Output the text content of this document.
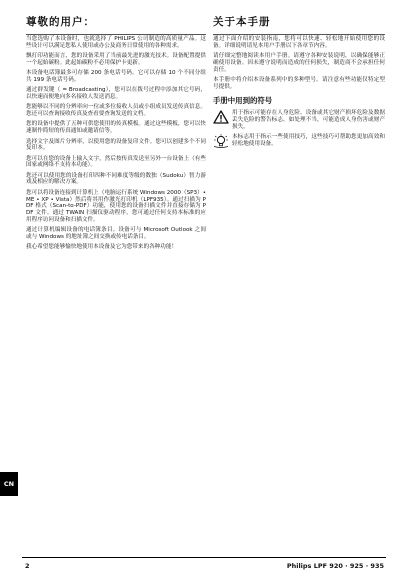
尊敬的用户：

当您选购了本设备时，也就选择了 PHILIPS 公司制造的高质量产品。这些设计可以满足您私人使用或办公及商务日常使用的各种需求。

飘打印功能而言，您的设备采用了当前最先进的激光技术。设备配置提供一个起始碳粉。此起始碳粉不必用保护卡更新。

本设备电话簿最多可存储 200 条电话号码。它可以存储 10 个不同分组共 199 条电话号码。

通过群发键（ = Broadcasting），您可以在拨号过程中添加其它号码，以快速而便地向多名接收人发送消息。

您能够以不同的分辨率向一位或多位接收人员或小组成员发送传真信息。您还可以查询接收传真及查看要查询发送的文档。

您的设备中提供了五种可供您使用的传真模板。通过这些模板，您可以快速制作简短的传真通知或邀请信等。

选择文字及图片分辨率，以使用您的设备复印文件。您可以创建多个不同复印本。

您可以在您的设备上输入文字，然后按传真发送至另外一台设备上（有些国家或网络不支持本功能）。

您还可以使用您的设备打印四种不同难度等级的数独（Sudoku）智力游戏及相应的解决方案。

您可以将设备连接到计算机上（电脑运行系统 Windows 2000（SP3）• ME • XP • Vista）然后将其用作激光打印机（LPF935）。通过扫描为 PDF 格式（Scan-to-PDF）功能，使用您的设备扫描文件并直接存储为 PDF 文件。通过 TWAIN 扫描仪驱动程序，您可通过任何支持本标准的应用程序访问设备和扫描文件。

通过计算机编辑设备的电话簿条目。设备可与 Microsoft Outlook 之间或与 Windows 的地址簿之间交换或传电话条目。

我心希望您能够愉快地使用本设备及它为您带来的各种功能！

关于本手册

通过下面介绍的安装指南，您将可以快速、轻松地开始使用您的设备。详细说明请见本用户手册以下各章节内容。

请仔细完整地阅读本用户手册。请遵守各种安装说明，以确保能够正确使用设备。因未遵守说明而造成的任何损失，制造商不会承担任何责任。

本手册中将介绍本设备系列中的多种型号。请注意有些功能仅特定型号提供。

手册中用到的符号

用于指示可能存在人身危险、设备或其它财产损坏危险及数据丢失危险的警告标志。如处理不当，可能造成人身伤害或财产损失。

本标志用于指示一些使用技巧，这些技巧可帮助您更加高效和轻松地使用设备。

CN
2	Philips LPF 920 · 925 · 935
